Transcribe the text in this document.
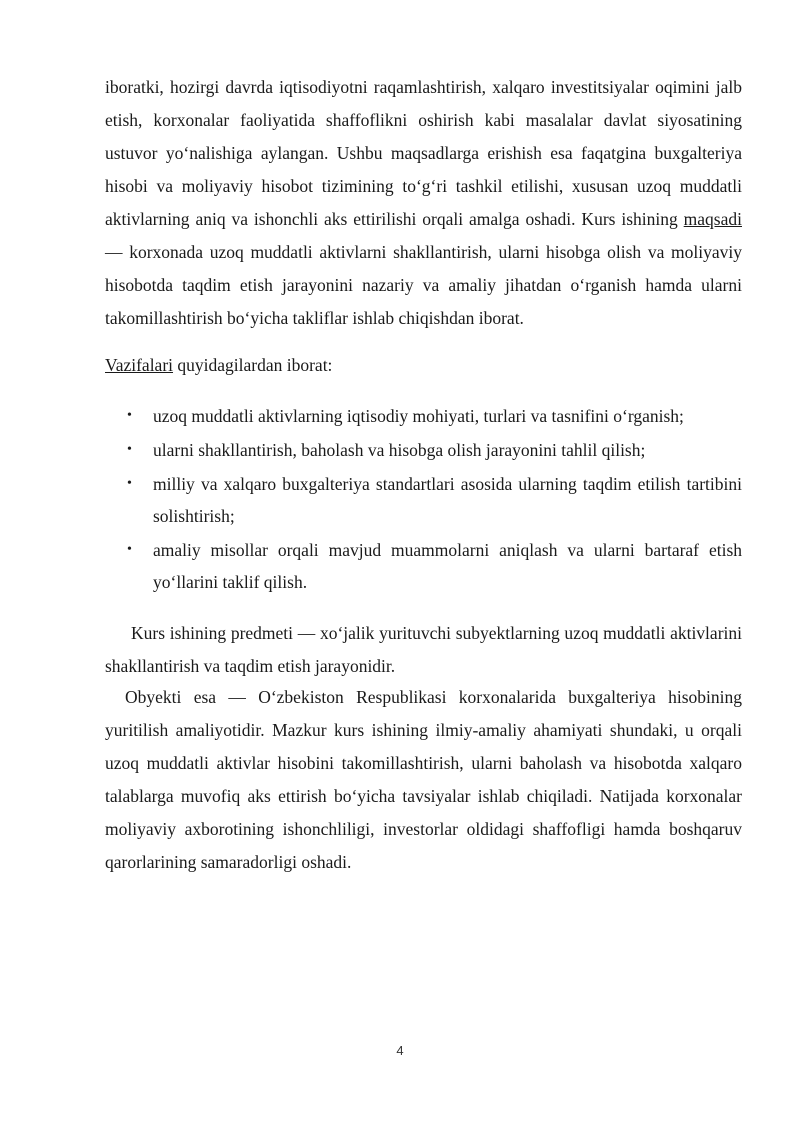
iboratki, hozirgi davrda iqtisodiyotni raqamlashtirish, xalqaro investitsiyalar oqimini jalb etish, korxonalar faoliyatida shaffoflikni oshirish kabi masalalar davlat siyosatining ustuvor yo‘nalishiga aylangan. Ushbu maqsadlarga erishish esa faqatgina buxgalteriya hisobi va moliyaviy hisobot tizimining to‘g‘ri tashkil etilishi, xususan uzoq muddatli aktivlarning aniq va ishonchli aks ettirilishi orqali amalga oshadi. Kurs ishining maqsadi — korxonada uzoq muddatli aktivlarni shakllantirish, ularni hisobga olish va moliyaviy hisobotda taqdim etish jarayonini nazariy va amaliy jihatdan o‘rganish hamda ularni takomillashtirish bo‘yicha takliflar ishlab chiqishdan iborat.

Vazifalari quyidagilardan iborat:

• uzoq muddatli aktivlarning iqtisodiy mohiyati, turlari va tasnifini o‘rganish;
• ularni shakllantirish, baholash va hisobga olish jarayonini tahlil qilish;
• milliy va xalqaro buxgalteriya standartlari asosida ularning taqdim etilish tartibini solishtirish;
• amaliy misollar orqali mavjud muammolarni aniqlash va ularni bartaraf etish yo‘llarini taklif qilish.

Kurs ishining predmeti — xo‘jalik yurituvchi subyektlarning uzoq muddatli aktivlarini shakllantirish va taqdim etish jarayonidir.

Obyekti esa — O‘zbekiston Respublikasi korxonalarida buxgalteriya hisobining yuritilish amaliyotidir. Mazkur kurs ishining ilmiy-amaliy ahamiyati shundaki, u orqali uzoq muddatli aktivlar hisobini takomillashtirish, ularni baholash va hisobotda xalqaro talablarga muvofiq aks ettirish bo‘yicha tavsiyalar ishlab chiqiladi. Natijada korxonalar moliyaviy axborotining ishonchliligi, investorlar oldidagi shaffofligi hamda boshqaruv qarorlarining samaradorligi oshadi.

4
